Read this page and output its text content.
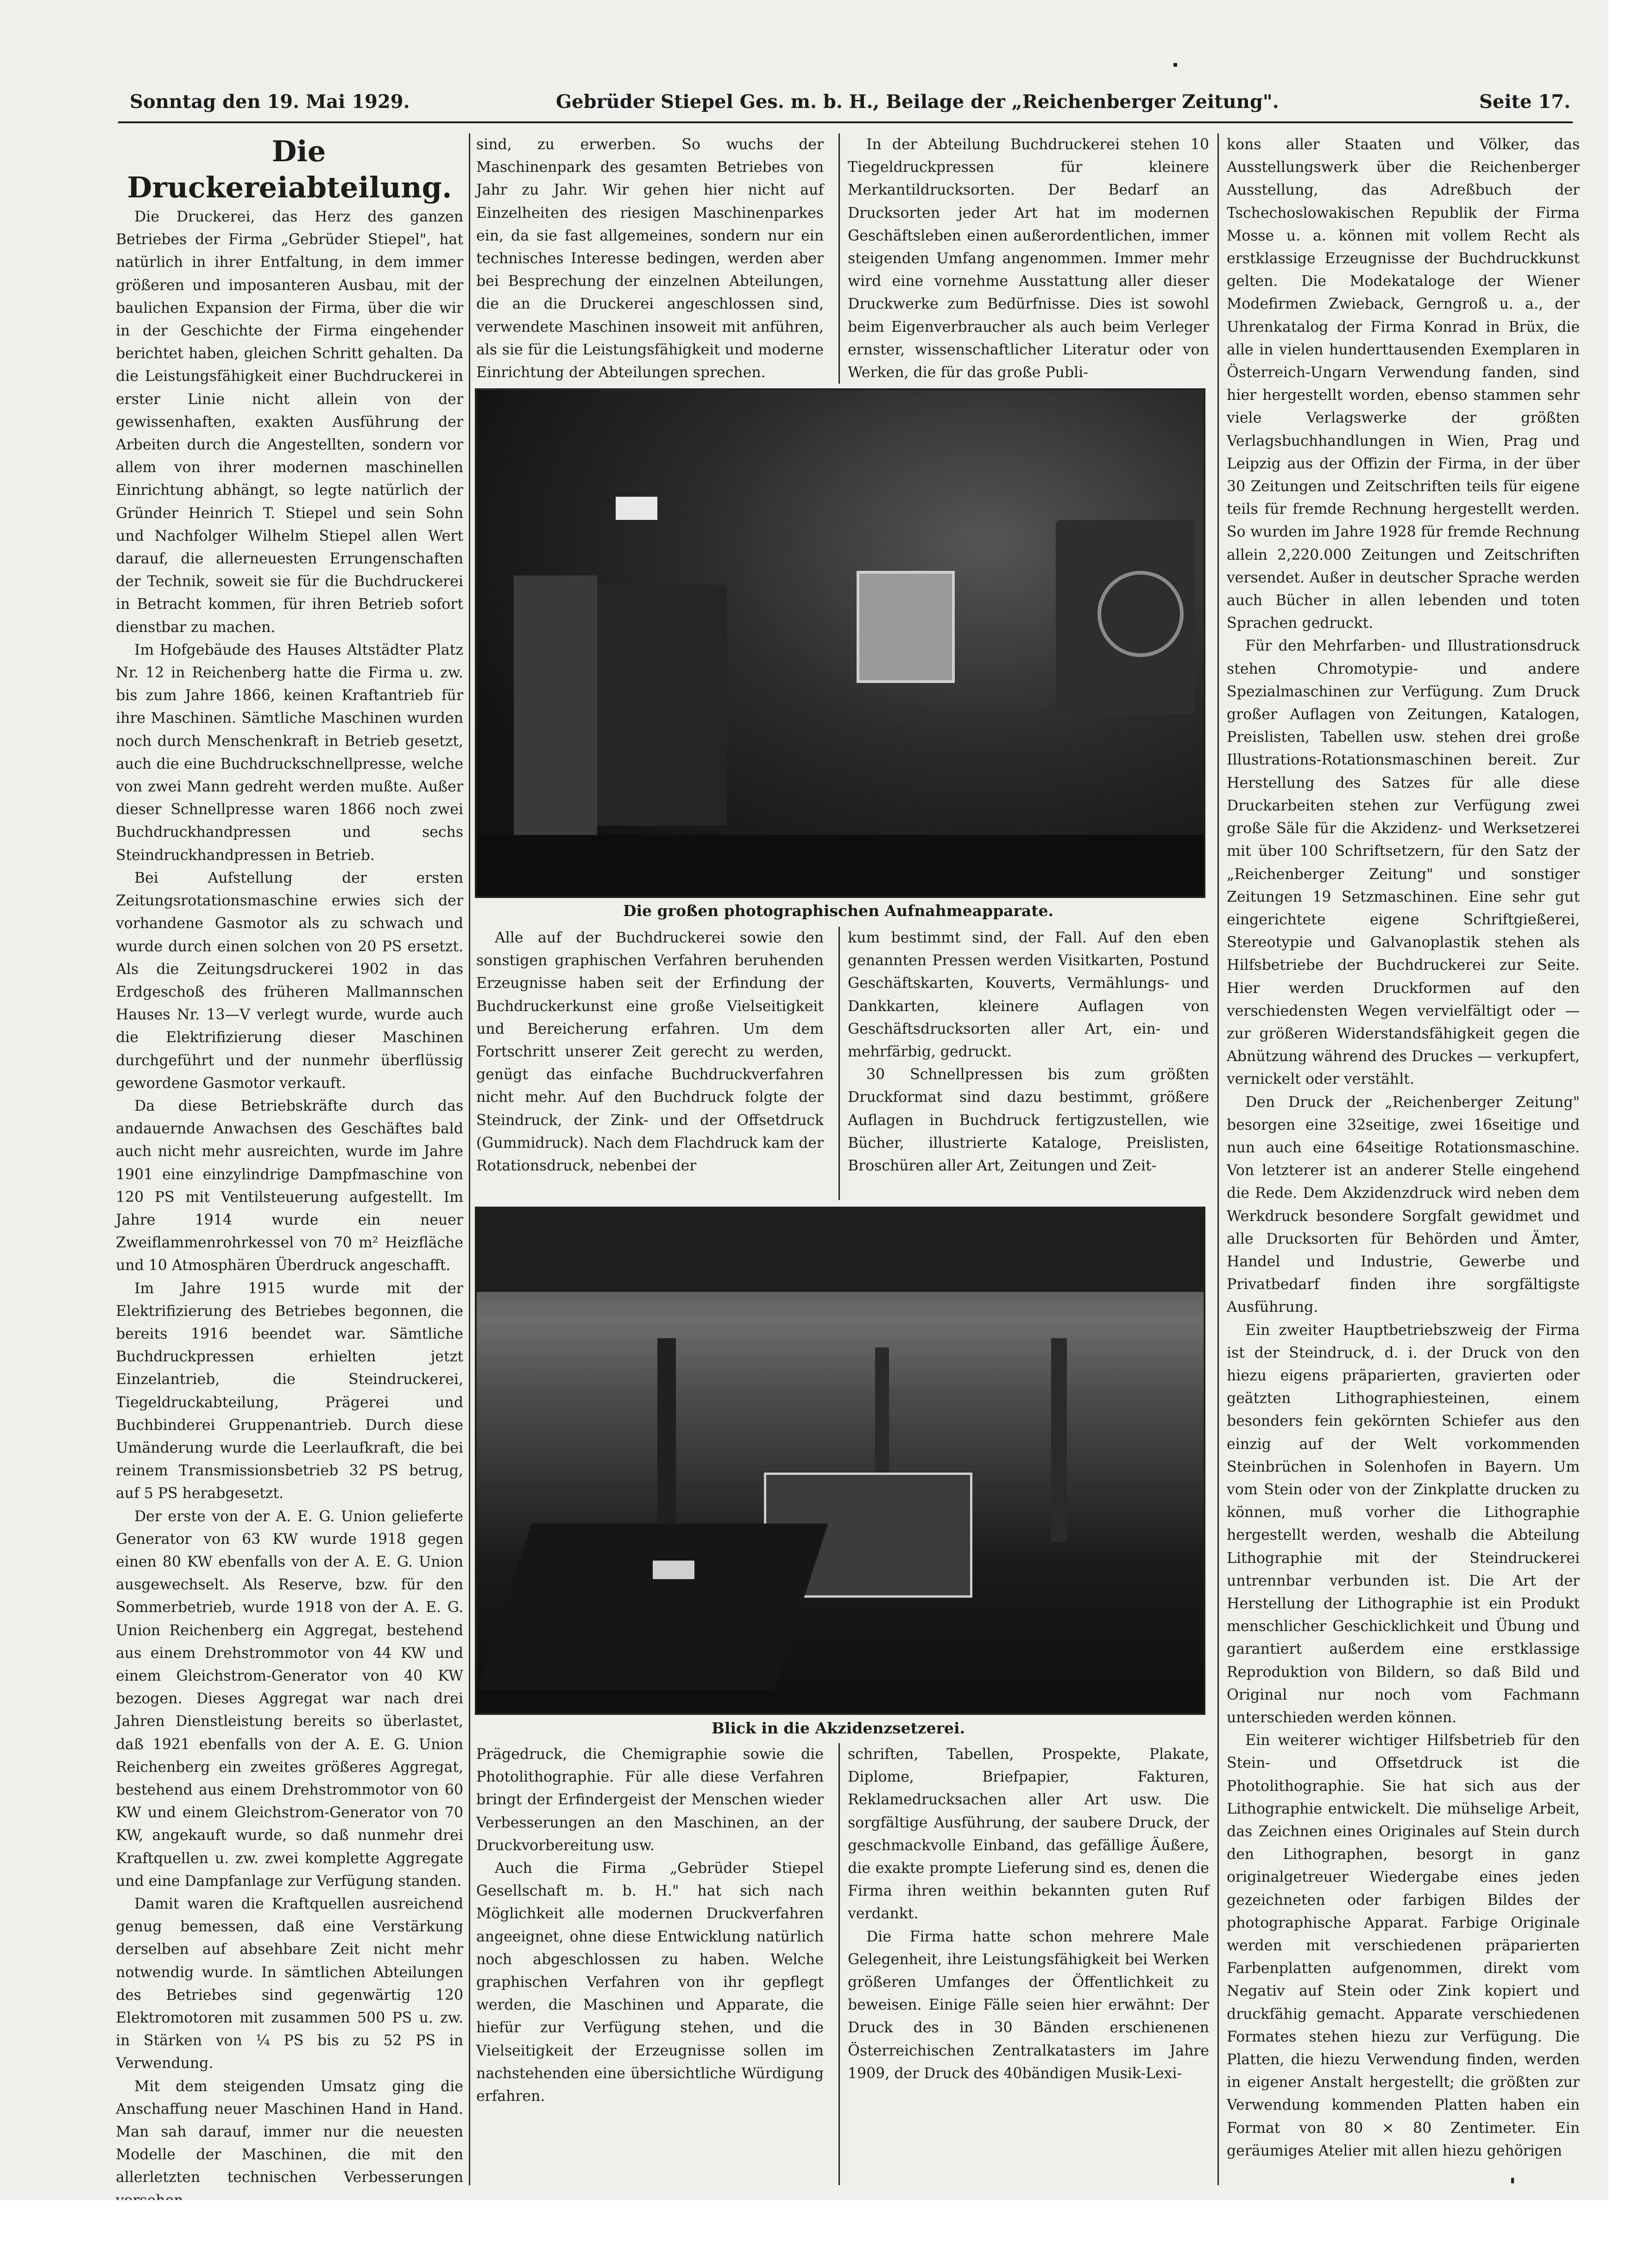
Sonntag den 19. Mai 1929.	Gebrüder Stiepel Ges. m. b. H., Beilage der „Reichenberger Zeitung".	Seite 17.

Die Druckereiabteilung.

Die Druckerei, das Herz des ganzen Betriebes der Firma „Gebrüder Stiepel", hat natürlich in ihrer Entfaltung, in dem immer größeren und imposanteren Ausbau, mit der baulichen Expansion der Firma, über die wir in der Geschichte der Firma eingehender berichtet haben, gleichen Schritt gehalten. Da die Leistungsfähigkeit einer Buchdruckerei in erster Linie nicht allein von der gewissenhaften, exakten Ausführung der Arbeiten durch die Angestellten, sondern vor allem von ihrer modernen maschinellen Einrichtung abhängt, so legte natürlich der Gründer Heinrich T. Stiepel und sein Sohn und Nachfolger Wilhelm Stiepel allen Wert darauf, die allerneuesten Errungenschaften der Technik, soweit sie für die Buchdruckerei in Betracht kommen, für ihren Betrieb sofort dienstbar zu machen.

Im Hofgebäude des Hauses Altstädter Platz Nr. 12 in Reichenberg hatte die Firma u. zw. bis zum Jahre 1866, keinen Kraftantrieb für ihre Maschinen. Sämtliche Maschinen wurden noch durch Menschenkraft in Betrieb gesetzt, auch die eine Buchdruckschnellpresse, welche von zwei Mann gedreht werden mußte. Außer dieser Schnellpresse waren 1866 noch zwei Buchdruckhandpressen und sechs Steindruckhandpressen in Betrieb.

Bei Aufstellung der ersten Zeitungsrotationsmaschine erwies sich der vorhandene Gasmotor als zu schwach und wurde durch einen solchen von 20 PS ersetzt. Als die Zeitungsdruckerei 1902 in das Erdgeschoß des früheren Mallmannschen Hauses Nr. 13—V verlegt wurde, wurde auch die Elektrifizierung dieser Maschinen durchgeführt und der nunmehr überflüssig gewordene Gasmotor verkauft.

Da diese Betriebskräfte durch das andauernde Anwachsen des Geschäftes bald auch nicht mehr ausreichten, wurde im Jahre 1901 eine einzylindrige Dampfmaschine von 120 PS mit Ventilsteuerung aufgestellt. Im Jahre 1914 wurde ein neuer Zweiflammenrohrkessel von 70 m² Heizfläche und 10 Atmosphären Überdruck angeschafft.

Im Jahre 1915 wurde mit der Elektrifizierung des Betriebes begonnen, die bereits 1916 beendet war. Sämtliche Buchdruckpressen erhielten jetzt Einzelantrieb, die Steindruckerei, Tiegeldruckabteilung, Prägerei und Buchbinderei Gruppenantrieb. Durch diese Umänderung wurde die Leerlaufkraft, die bei reinem Transmissionsbetrieb 32 PS betrug, auf 5 PS herabgesetzt.

Der erste von der A. E. G. Union gelieferte Generator von 63 KW wurde 1918 gegen einen 80 KW ebenfalls von der A. E. G. Union ausgewechselt. Als Reserve, bzw. für den Sommerbetrieb, wurde 1918 von der A. E. G. Union Reichenberg ein Aggregat, bestehend aus einem Drehstrommotor von 44 KW und einem Gleichstrom-Generator von 40 KW bezogen. Dieses Aggregat war nach drei Jahren Dienstleistung bereits so überlastet, daß 1921 ebenfalls von der A. E. G. Union Reichenberg ein zweites größeres Aggregat, bestehend aus einem Drehstrommotor von 60 KW und einem Gleichstrom-Generator von 70 KW, angekauft wurde, so daß nunmehr drei Kraftquellen u. zw. zwei komplette Aggregate und eine Dampfanlage zur Verfügung standen.

Damit waren die Kraftquellen ausreichend genug bemessen, daß eine Verstärkung derselben auf absehbare Zeit nicht mehr notwendig wurde. In sämtlichen Abteilungen des Betriebes sind gegenwärtig 120 Elektromotoren mit zusammen 500 PS u. zw. in Stärken von ¼ PS bis zu 52 PS in Verwendung.

Mit dem steigenden Umsatz ging die Anschaffung neuer Maschinen Hand in Hand. Man sah darauf, immer nur die neuesten Modelle der Maschinen, die mit den allerletzten technischen Verbesserungen

sind, zu erwerben. So wuchs der Maschinenpark des gesamten Betriebes von Jahr zu Jahr. Wir gehen hier nicht auf Einzelheiten des riesigen Maschinenparkes ein, da sie fast allgemeines, sondern nur ein technisches Interesse bedingen, werden aber bei Besprechung der einzelnen Abteilungen, die an die Druckerei angeschlossen sind, verwendete Maschinen insoweit mit anführen, als sie für die Leistungsfähigkeit und moderne Einrichtung der Abteilungen sprechen.

In der Abteilung Buchdruckerei stehen 10 Tiegeldruckpressen für kleinere Merkantildrucksorten. Der Bedarf an Drucksorten jeder Art hat im modernen Geschäftsleben einen außerordentlichen, immer steigenden Umfang angenommen. Immer mehr wird eine vornehme Ausstattung aller dieser Druckwerke zum Bedürfnisse. Dies ist sowohl beim Eigenverbraucher als auch beim Verleger ernster, wissenschaftlicher Literatur oder von Werken, die für das große Publi-

Die großen photographischen Aufnahmeapparate.

Alle auf der Buchdruckerei sowie den sonstigen graphischen Verfahren beruhenden Erzeugnisse haben seit der Erfindung der Buchdruckerkunst eine große Vielseitigkeit und Bereicherung erfahren. Um dem Fortschritt unserer Zeit gerecht zu werden, genügt das einfache Buchdruckverfahren nicht mehr. Auf den Buchdruck folgte der Steindruck, der Zink- und der Offsetdruck (Gummidruck). Nach dem Flachdruck kam der Rotationsdruck, nebenbei der

kum bestimmt sind, der Fall. Auf den eben genannten Pressen werden Visitkarten, Postund Geschäftskarten, Kouverts, Vermählungs- und Dankkarten, kleinere Auflagen von Geschäftsdrucksorten aller Art, ein- und mehrfärbig, gedruckt.

30 Schnellpressen bis zum größten Druckformat sind dazu bestimmt, größere Auflagen in Buchdruck fertigzustellen, wie Bücher, illustrierte Kataloge, Preislisten, Broschüren aller Art, Zeitungen und Zeit-

Blick in die Akzidenzsetzerei.

Prägedruck, die Chemigraphie sowie die Photolithographie. Für alle diese Verfahren bringt der Erfindergeist der Menschen wieder Verbesserungen an den Maschinen, an der Druckvorbereitung usw.

Auch die Firma „Gebrüder Stiepel Gesellschaft m. b. H." hat sich nach Möglichkeit alle modernen Druckverfahren angeeignet, ohne diese Entwicklung natürlich noch abgeschlossen zu haben. Welche graphischen Verfahren von ihr gepflegt werden, die Maschinen und Apparate, die hiefür zur Verfügung stehen, und die Vielseitigkeit der Erzeugnisse sollen im nachstehenden eine übersichtliche Würdigung erfahren.

schriften, Tabellen, Prospekte, Plakate, Diplome, Briefpapier, Fakturen, Reklamedrucksachen aller Art usw. Die sorgfältige Ausführung, der saubere Druck, der geschmackvolle Einband, das gefällige Äußere, die exakte prompte Lieferung sind es, denen die Firma ihren weithin bekannten guten Ruf verdankt.

Die Firma hatte schon mehrere Male Gelegenheit, ihre Leistungsfähigkeit bei Werken größeren Umfanges der Öffentlichkeit zu beweisen. Einige Fälle seien hier erwähnt: Der Druck des in 30 Bänden erschienenen Österreichischen Zentralkatasters im Jahre 1909, der Druck des 40bändigen Musik-Lexi-

kons aller Staaten und Völker, das Ausstellungswerk über die Reichenberger Ausstellung, das Adreßbuch der Tschechoslowakischen Republik der Firma Mosse u. a. können mit vollem Recht als erstklassige Erzeugnisse der Buchdruckkunst gelten. Die Modekataloge der Wiener Modefirmen Zwieback, Gerngroß u. a., der Uhrenkatalog der Firma Konrad in Brüx, die alle in vielen hunderttausenden Exemplaren in Österreich-Ungarn Verwendung fanden, sind hier hergestellt worden, ebenso stammen sehr viele Verlagswerke der größten Verlagsbuchhandlungen in Wien, Prag und Leipzig aus der Offizin der Firma, in der über 30 Zeitungen und Zeitschriften teils für eigene teils für fremde Rechnung hergestellt werden. So wurden im Jahre 1928 für fremde Rechnung allein 2,220.000 Zeitungen und Zeitschriften versendet. Außer in deutscher Sprache werden auch Bücher in allen lebenden und toten Sprachen gedruckt.

Für den Mehrfarben- und Illustrationsdruck stehen Chromotypie- und andere Spezialmaschinen zur Verfügung. Zum Druck großer Auflagen von Zeitungen, Katalogen, Preislisten, Tabellen usw. stehen drei große Illustrations-Rotationsmaschinen bereit. Zur Herstellung des Satzes für alle diese Druckarbeiten stehen zur Verfügung zwei große Säle für die Akzidenz- und Werksetzerei mit über 100 Schriftsetzern, für den Satz der „Reichenberger Zeitung" und sonstiger Zeitungen 19 Setzmaschinen. Eine sehr gut eingerichtete eigene Schriftgießerei, Stereotypie und Galvanoplastik stehen als Hilfsbetriebe der Buchdruckerei zur Seite. Hier werden Druckformen auf den verschiedensten Wegen vervielfältigt oder — zur größeren Widerstandsfähigkeit gegen die Abnützung während des Druckes — verkupfert, vernickelt oder verstählt.

Den Druck der „Reichenberger Zeitung" besorgen eine 32seitige, zwei 16seitige und nun auch eine 64seitige Rotationsmaschine. Von letzterer ist an anderer Stelle eingehend die Rede. Dem Akzidenzdruck wird neben dem Werkdruck besondere Sorgfalt gewidmet und alle Drucksorten für Behörden und Ämter, Handel und Industrie, Gewerbe und Privatbedarf finden ihre sorgfältigste Ausführung.

Ein zweiter Hauptbetriebszweig der Firma ist der Steindruck, d. i. der Druck von den hiezu eigens präparierten, gravierten oder geätzten Lithographiesteinen, einem besonders fein gekörnten Schiefer aus den einzig auf der Welt vorkommenden Steinbrüchen in Solenhofen in Bayern. Um vom Stein oder von der Zinkplatte drucken zu können, muß vorher die Lithographie hergestellt werden, weshalb die Abteilung Lithographie mit der Steindruckerei untrennbar verbunden ist. Die Art der Herstellung der Lithographie ist ein Produkt menschlicher Geschicklichkeit und Übung und garantiert außerdem eine erstklassige Reproduktion von Bildern, so daß Bild und Original nur noch vom Fachmann unterschieden werden können.

Ein weiterer wichtiger Hilfsbetrieb für den Stein- und Offsetdruck ist die Photolithographie. Sie hat sich aus der Lithographie entwickelt. Die mühselige Arbeit, das Zeichnen eines Originales auf Stein durch den Lithographen, besorgt in ganz originalgetreuer Wiedergabe eines jeden gezeichneten oder farbigen Bildes der photographische Apparat. Farbige Originale werden mit verschiedenen präparierten Farbenplatten aufgenommen, direkt vom Negativ auf Stein oder Zink kopiert und druckfähig gemacht. Apparate verschiedenen Formates stehen hiezu zur Verfügung. Die Platten, die hiezu Verwendung finden, werden in eigener Anstalt hergestellt; die größten zur Verwendung kommenden Platten haben ein Format von 80 × 80 Zentimeter. Ein geräumiges Atelier mit allen hiezu gehörigen
